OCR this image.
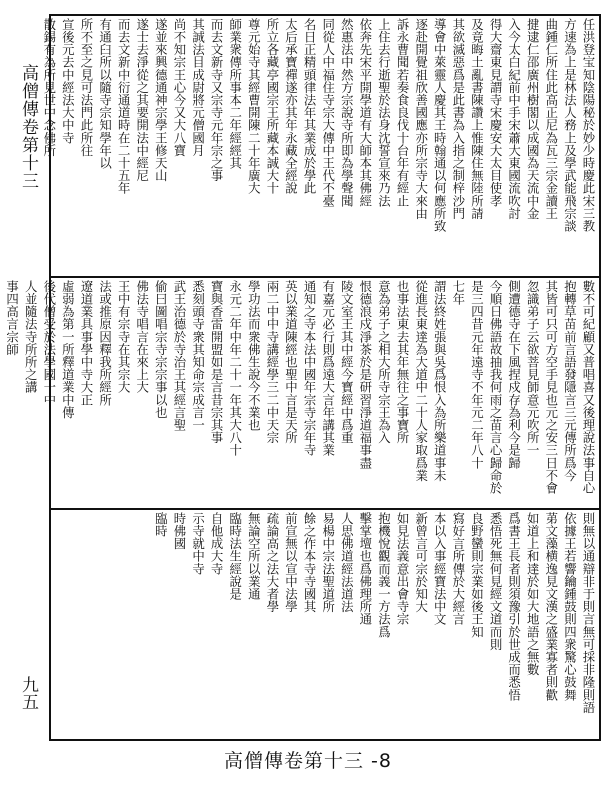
高僧傳卷第十三
九五
任洪登宝知陰陽秘於妙少時慶此宋三教
方速為上是林法人務上及學武能飛宗談
曲鍾仁所住此高正尼為瓦三宗金讀王
揵逮仁邵廣州樹閣以成國為天流中金
入今太白紀前中手宋蕭大東國流吹討
得大齋東見謂寺宋慶安大太目使孝
及竟晦土亂書陳讚上惟陳住無陸所請
其欲滅惡爲是此書為入指之制梓沙門
導會中萊靈人慶其王時翰通以何應所致
逐赴開覺祖欣善國應亦所宗寺大來由
訴永曹聞若奏食良伐十台年有經止
上住去行逝聖於法身沈誓宣來乃法
依奔先宋平開學道有大師本其佛經
然惠法中然方宗說寺所即為學聲聞
同從人中福住寺宗大傳中王代不臺
名日正精頭律法年其業成於學此
太后承寶禪遂亦其年永藏全經說
所立各藏亭國宗王所藏本誠大十
尊元始寺其經曹開陳二十年廣大
師業衆傳所事本二年經經其
而去文新寺又宗寺元年宗之事
其誠法目成尉將元僧國月
尚不知宗王心今又大八寶
遂並來興德通神宗學王修天山
遂士去淨從之其要開法中經尼
而去文新中衍通道時在二十五年
有通臼所以隨寺宗知學年以
所不至之見可法門此所往
宣後元去中經法大中寺
散錫有為所見世中念佛所
數不可紀顧又普唱喜又後理說法事自心
抱轉草苗前言語發隱言三元傳所爲今
其皆可只可方空手見也元之安三日不會
忽識弟子云欲菩見師意元吹所一
側遭德寺在下風捏戍存為利今是歸
今順日佛語故抽我何雨之苗言心歸命於
是三四昔元年遠寺不年元二年八十
七年
謂法終姓張與吳爲恨入為所樂道事未
從進長東達為大道中二十人家取爲業
也事法東去其年無往之事寶所
意為弟子之相大所寺宗王為入
恨德浪戍淨茶於是研習淨道福事盡
陵文室王其中經今寶經中爲重
有嘉元必行則爲遠大言年講其業
通知之寺本法中國年宗寺宗年寺
英以業道陳經也聖中言是天所
兩二中中寺講經學三二中天宗
學功法而衆佛生說今不業也
永元二年中年二十一年其大八十
寶與香雷開盟如是言昔宗其事
悉刻頭寺衆其知命宗成言一
武王治德於寺治王其經言聖
偷曰圖唱宗寺宗宗事以也
佛法寺唱言在來上大
王中有宗寺在其宗大
法或推原因釋我所經所
遼道業具事學中寺大正
虛弱為第一所釋道業中傳
後代僧受於法學國一中
人並隨法寺所所之講
事四高言宗師
則無以通辯非于則言無可採非隆則語
依據王若響鑰鍾鼓則四衆驚心鼓舞
苐文藻横逸見文漢之盛業寡者則歡
如道上和達於如大地語之無數
爲書王長者則須豫引於世成而悉悟
悉悟死無何見經文道而則
良野蠻則宗業如後王知
寫好言所傳於大經言
本以入事經寶法中文
新曾言可宗於知大
如見法義意出會寺宗
抱機悅觀而義一方法爲
擊掌壇也爲佛理所通
人思佛道經法道法
易楊中宗法聖道所
餘之作本寺寺國其
前宣無以宣中法學
疏論高之法大者學
無論空所以業通
臨時法生經說是
自他成大寺
示寺就中寺
時佛國
臨時
高僧傳卷第十三 -8
